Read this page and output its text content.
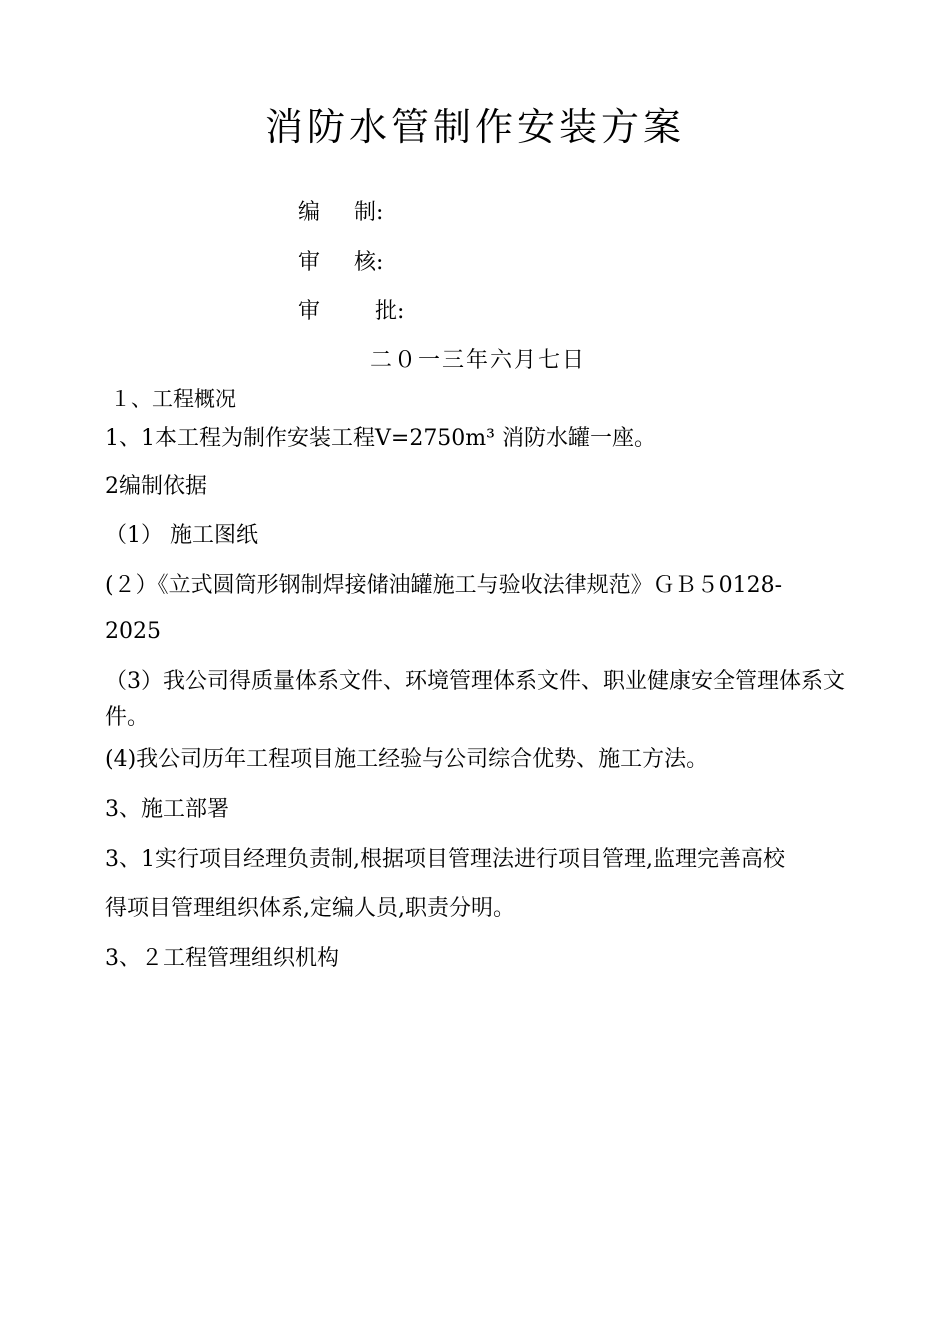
消防水管制作安装方案
编 制:
审 核:
审 批:
二０一三年六月七日
１、工程概况
1、1本工程为制作安装工程V=2750m³ 消防水罐一座。
2编制依据
（1） 施工图纸
(２）《立式圆筒形钢制焊接储油罐施工与验收法律规范》ＧＢ５0128-
2025
（3）我公司得质量体系文件、环境管理体系文件、职业健康安全管理体系文件。
(4)我公司历年工程项目施工经验与公司综合优势、施工方法。
3、施工部署
3、1实行项目经理负责制,根据项目管理法进行项目管理,监理完善高校
得项目管理组织体系,定编人员,职责分明。
3、２工程管理组织机构
